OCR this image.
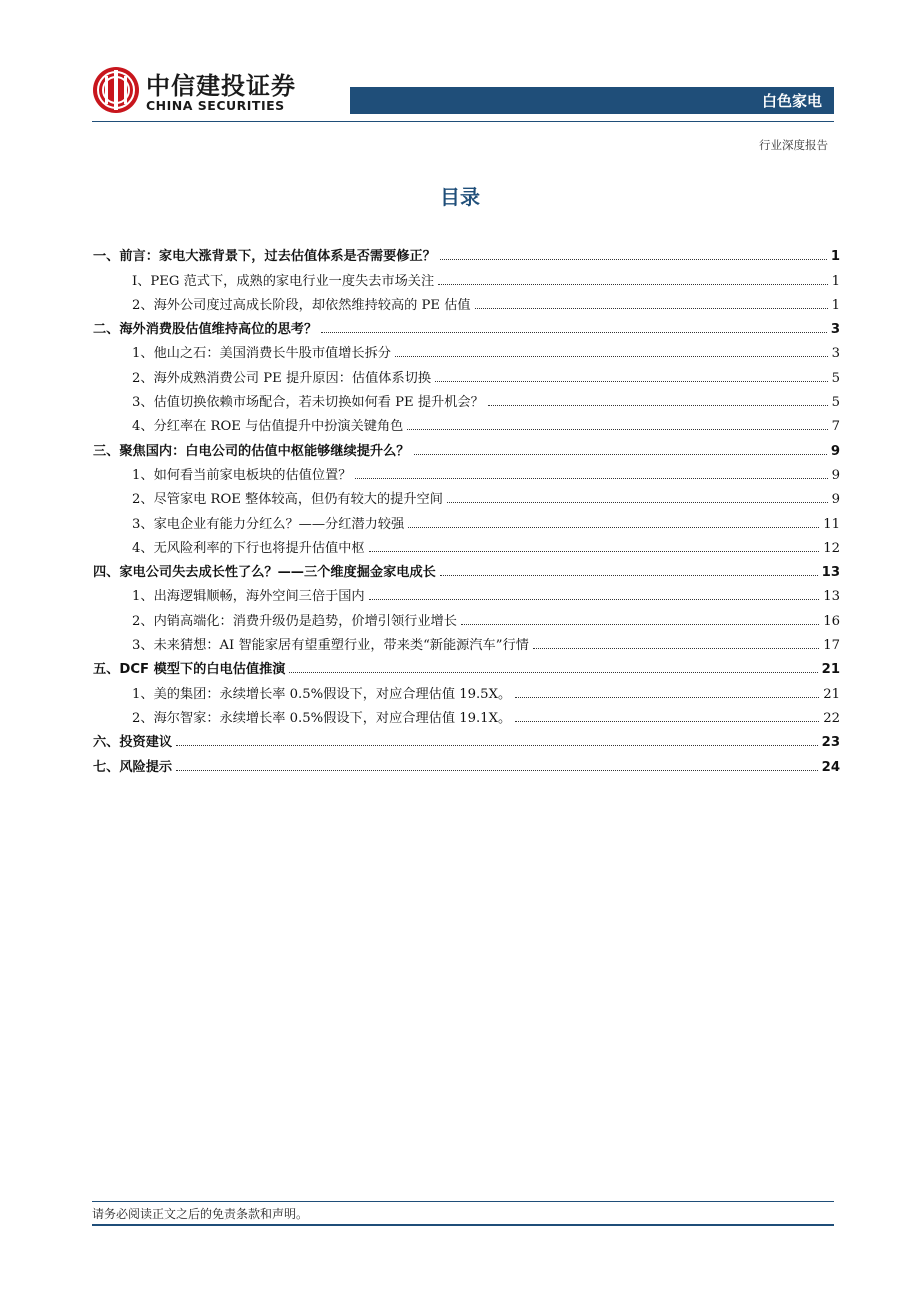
中信建投证券
CHINA SECURITIES	白色家电
行业深度报告
目录
一、前言：家电大涨背景下，过去估值体系是否需要修正？	1
I、PEG 范式下，成熟的家电行业一度失去市场关注	1
2、海外公司度过高成长阶段，却依然维持较高的 PE 估值	1
二、海外消费股估值维持高位的思考？	3
1、他山之石：美国消费长牛股市值增长拆分	3
2、海外成熟消费公司 PE 提升原因：估值体系切换	5
3、估值切换依赖市场配合，若未切换如何看 PE 提升机会？	5
4、分红率在 ROE 与估值提升中扮演关键角色	7
三、聚焦国内：白电公司的估值中枢能够继续提升么？	9
1、如何看当前家电板块的估值位置？	9
2、尽管家电 ROE 整体较高，但仍有较大的提升空间	9
3、家电企业有能力分红么？——分红潜力较强	11
4、无风险利率的下行也将提升估值中枢	12
四、家电公司失去成长性了么？——三个维度掘金家电成长	13
1、出海逻辑顺畅，海外空间三倍于国内	13
2、内销高端化：消费升级仍是趋势，价增引领行业增长	16
3、未来猜想：AI 智能家居有望重塑行业，带来类“新能源汽车”行情	17
五、DCF 模型下的白电估值推演	21
1、美的集团：永续增长率 0.5%假设下，对应合理估值 19.5X。	21
2、海尔智家：永续增长率 0.5%假设下，对应合理估值 19.1X。	22
六、投资建议	23
七、风险提示	24
请务必阅读正文之后的免责条款和声明。
